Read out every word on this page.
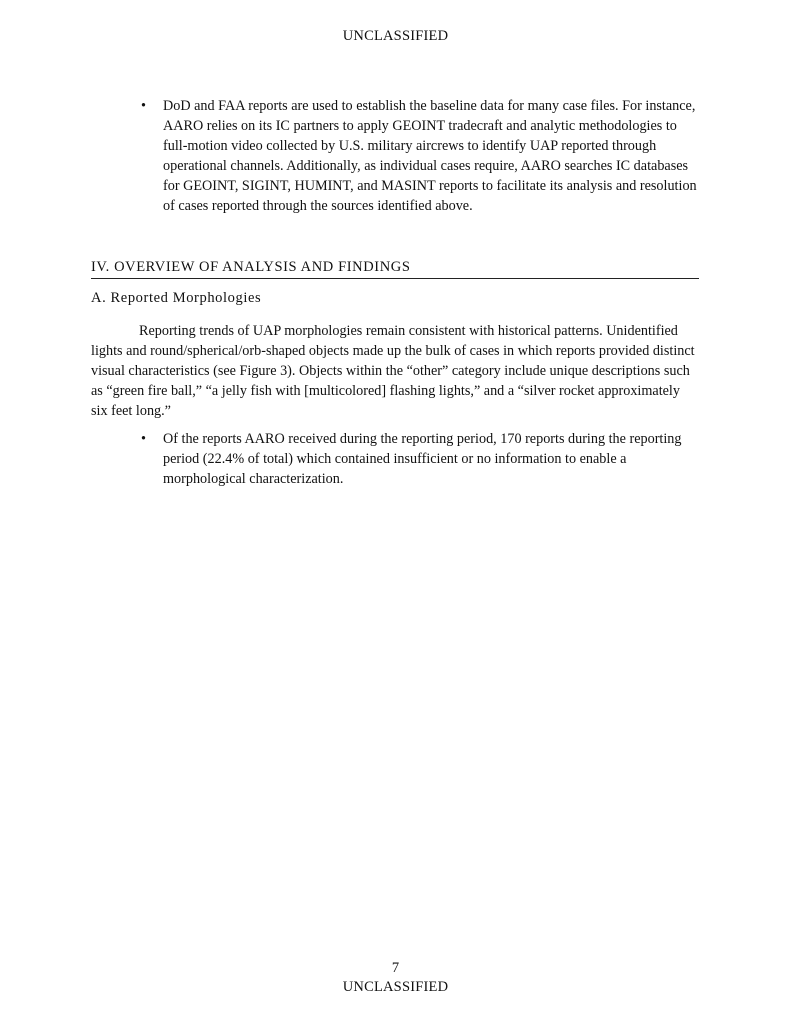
UNCLASSIFIED
•	DoD and FAA reports are used to establish the baseline data for many case files. For instance, AARO relies on its IC partners to apply GEOINT tradecraft and analytic methodologies to full-motion video collected by U.S. military aircrews to identify UAP reported through operational channels. Additionally, as individual cases require, AARO searches IC databases for GEOINT, SIGINT, HUMINT, and MASINT reports to facilitate its analysis and resolution of cases reported through the sources identified above.
IV. OVERVIEW OF ANALYSIS AND FINDINGS
A. Reported Morphologies
Reporting trends of UAP morphologies remain consistent with historical patterns. Unidentified lights and round/spherical/orb-shaped objects made up the bulk of cases in which reports provided distinct visual characteristics (see Figure 3). Objects within the “other” category include unique descriptions such as “green fire ball,” “a jelly fish with [multicolored] flashing lights,” and a “silver rocket approximately six feet long.”
•	Of the reports AARO received during the reporting period, 170 reports during the reporting period (22.4% of total) which contained insufficient or no information to enable a morphological characterization.
7
UNCLASSIFIED
